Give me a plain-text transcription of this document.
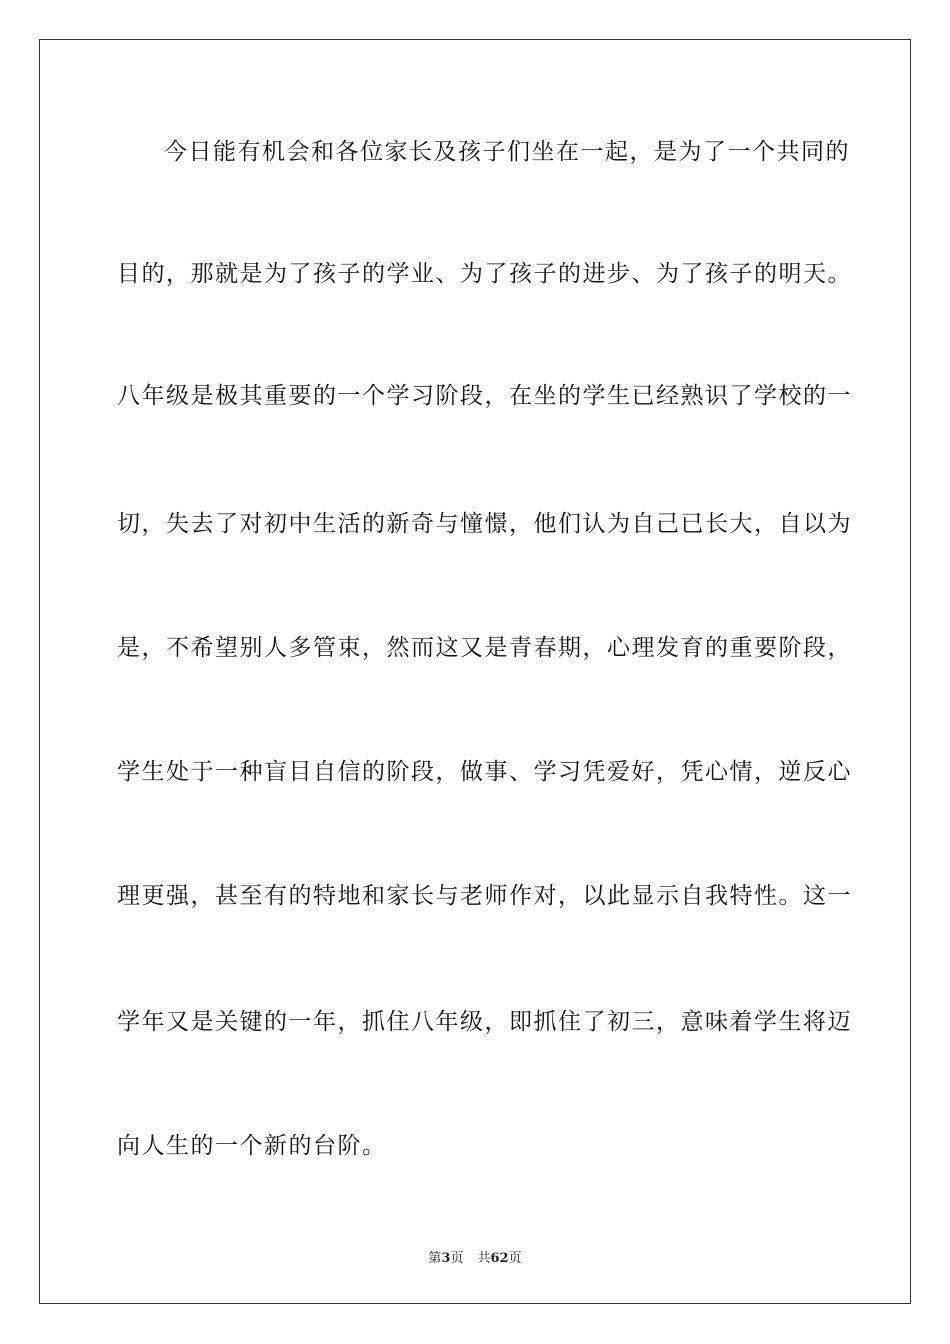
今日能有机会和各位家长及孩子们坐在一起，是为了一个共同的
目的，那就是为了孩子的学业、为了孩子的进步、为了孩子的明天。
八年级是极其重要的一个学习阶段，在坐的学生已经熟识了学校的一
切，失去了对初中生活的新奇与憧憬，他们认为自己已长大，自以为
是，不希望别人多管束，然而这又是青春期，心理发育的重要阶段，
学生处于一种盲目自信的阶段，做事、学习凭爱好，凭心情，逆反心
理更强，甚至有的特地和家长与老师作对，以此显示自我特性。这一
学年又是关键的一年，抓住八年级，即抓住了初三，意味着学生将迈
向人生的一个新的台阶。
第3页 共62页
